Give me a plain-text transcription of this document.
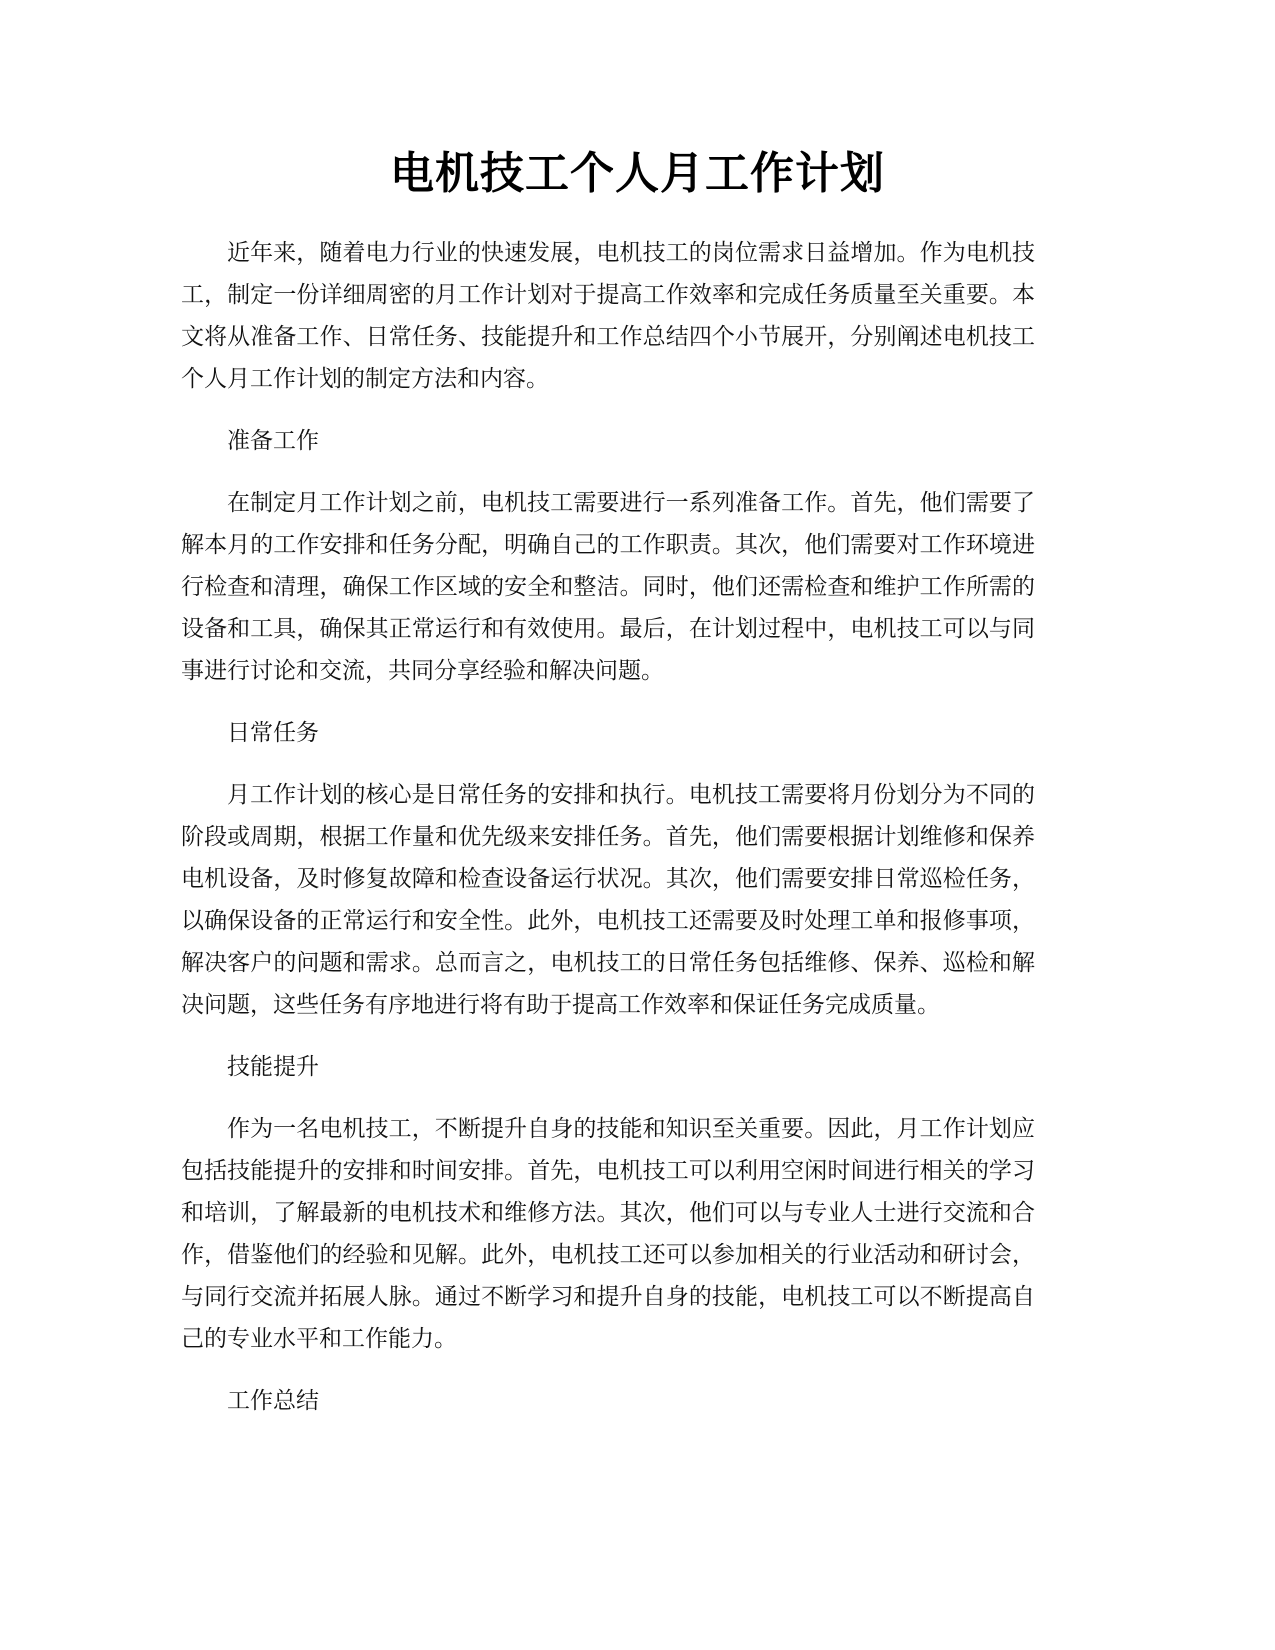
电机技工个人月工作计划

近年来，随着电力行业的快速发展，电机技工的岗位需求日益增加。作为电机技工，制定一份详细周密的月工作计划对于提高工作效率和完成任务质量至关重要。本文将从准备工作、日常任务、技能提升和工作总结四个小节展开，分别阐述电机技工个人月工作计划的制定方法和内容。

准备工作

在制定月工作计划之前，电机技工需要进行一系列准备工作。首先，他们需要了解本月的工作安排和任务分配，明确自己的工作职责。其次，他们需要对工作环境进行检查和清理，确保工作区域的安全和整洁。同时，他们还需检查和维护工作所需的设备和工具，确保其正常运行和有效使用。最后，在计划过程中，电机技工可以与同事进行讨论和交流，共同分享经验和解决问题。

日常任务

月工作计划的核心是日常任务的安排和执行。电机技工需要将月份划分为不同的阶段或周期，根据工作量和优先级来安排任务。首先，他们需要根据计划维修和保养电机设备，及时修复故障和检查设备运行状况。其次，他们需要安排日常巡检任务，以确保设备的正常运行和安全性。此外，电机技工还需要及时处理工单和报修事项，解决客户的问题和需求。总而言之，电机技工的日常任务包括维修、保养、巡检和解决问题，这些任务有序地进行将有助于提高工作效率和保证任务完成质量。

技能提升

作为一名电机技工，不断提升自身的技能和知识至关重要。因此，月工作计划应包括技能提升的安排和时间安排。首先，电机技工可以利用空闲时间进行相关的学习和培训，了解最新的电机技术和维修方法。其次，他们可以与专业人士进行交流和合作，借鉴他们的经验和见解。此外，电机技工还可以参加相关的行业活动和研讨会，与同行交流并拓展人脉。通过不断学习和提升自身的技能，电机技工可以不断提高自己的专业水平和工作能力。

工作总结
